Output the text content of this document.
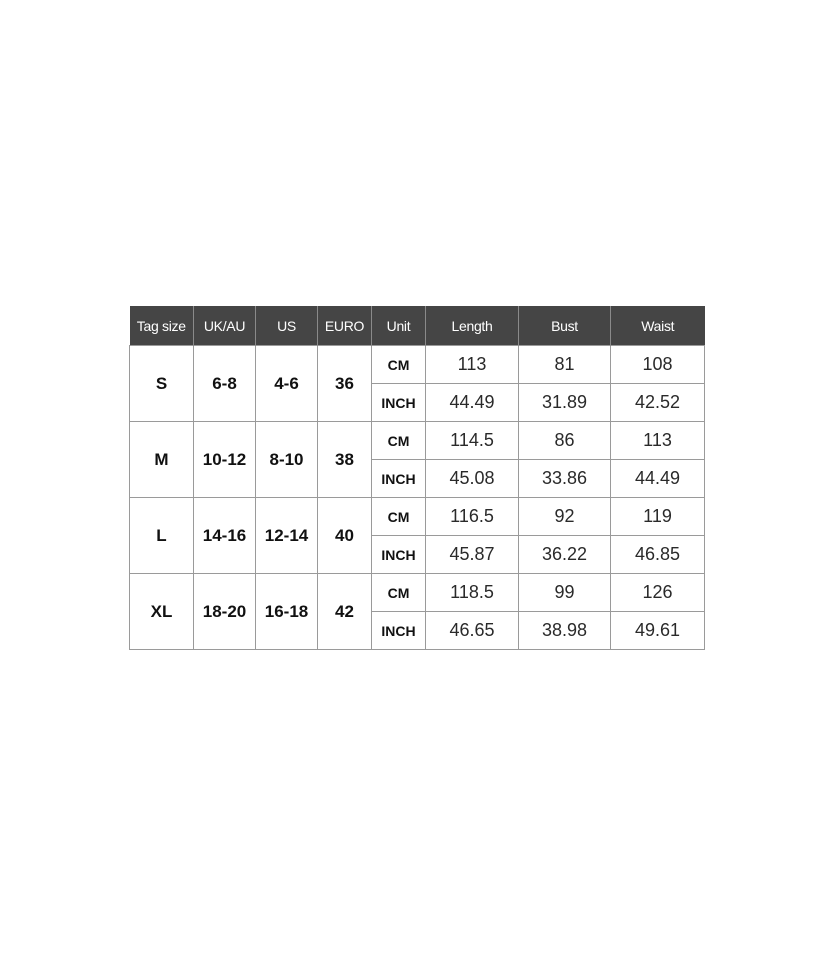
Tag size	UK/AU	US	EURO	Unit	Length	Bust	Waist
S	6-8	4-6	36	CM	113	81	108
				INCH	44.49	31.89	42.52
M	10-12	8-10	38	CM	114.5	86	113
				INCH	45.08	33.86	44.49
L	14-16	12-14	40	CM	116.5	92	119
				INCH	45.87	36.22	46.85
XL	18-20	16-18	42	CM	118.5	99	126
				INCH	46.65	38.98	49.61
